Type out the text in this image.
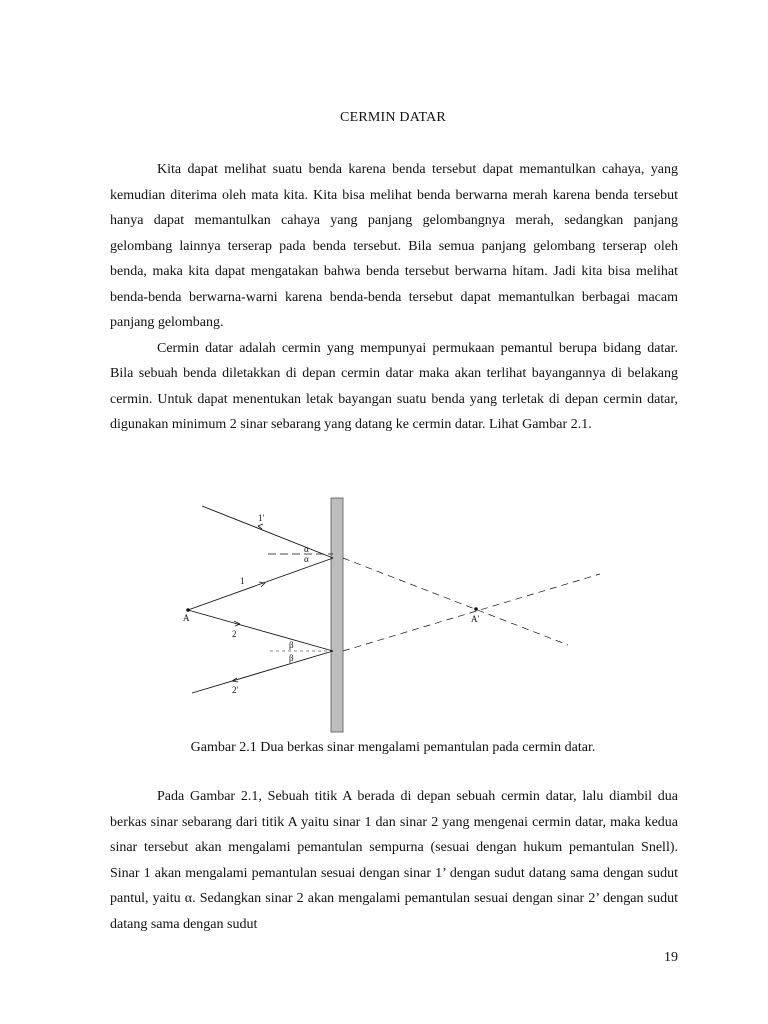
CERMIN DATAR

Kita dapat melihat suatu benda karena benda tersebut dapat memantulkan cahaya, yang kemudian diterima oleh mata kita. Kita bisa melihat benda berwarna merah karena benda tersebut hanya dapat memantulkan cahaya yang panjang gelombangnya merah, sedangkan panjang gelombang lainnya terserap pada benda tersebut. Bila semua panjang gelombang terserap oleh benda, maka kita dapat mengatakan bahwa benda tersebut berwarna hitam. Jadi kita bisa melihat benda-benda berwarna-warni karena benda-benda tersebut dapat memantulkan berbagai macam panjang gelombang.

Cermin datar adalah cermin yang mempunyai permukaan pemantul berupa bidang datar. Bila sebuah benda diletakkan di depan cermin datar maka akan terlihat bayangannya di belakang cermin. Untuk dapat menentukan letak bayangan suatu benda yang terletak di depan cermin datar, digunakan minimum 2 sinar sebarang yang datang ke cermin datar. Lihat Gambar 2.1.

A	A'
1'
1
2
2'
α
α
β
β
Gambar 2.1 Dua berkas sinar mengalami pemantulan pada cermin datar.

Pada Gambar 2.1, Sebuah titik A berada di depan sebuah cermin datar, lalu diambil dua berkas sinar sebarang dari titik A yaitu sinar 1 dan sinar 2 yang mengenai cermin datar, maka kedua sinar tersebut akan mengalami pemantulan sempurna (sesuai dengan hukum pemantulan Snell). Sinar 1 akan mengalami pemantulan sesuai dengan sinar 1’ dengan sudut datang sama dengan sudut pantul, yaitu α. Sedangkan sinar 2 akan mengalami pemantulan sesuai dengan sinar 2’ dengan sudut datang sama dengan sudut

19
